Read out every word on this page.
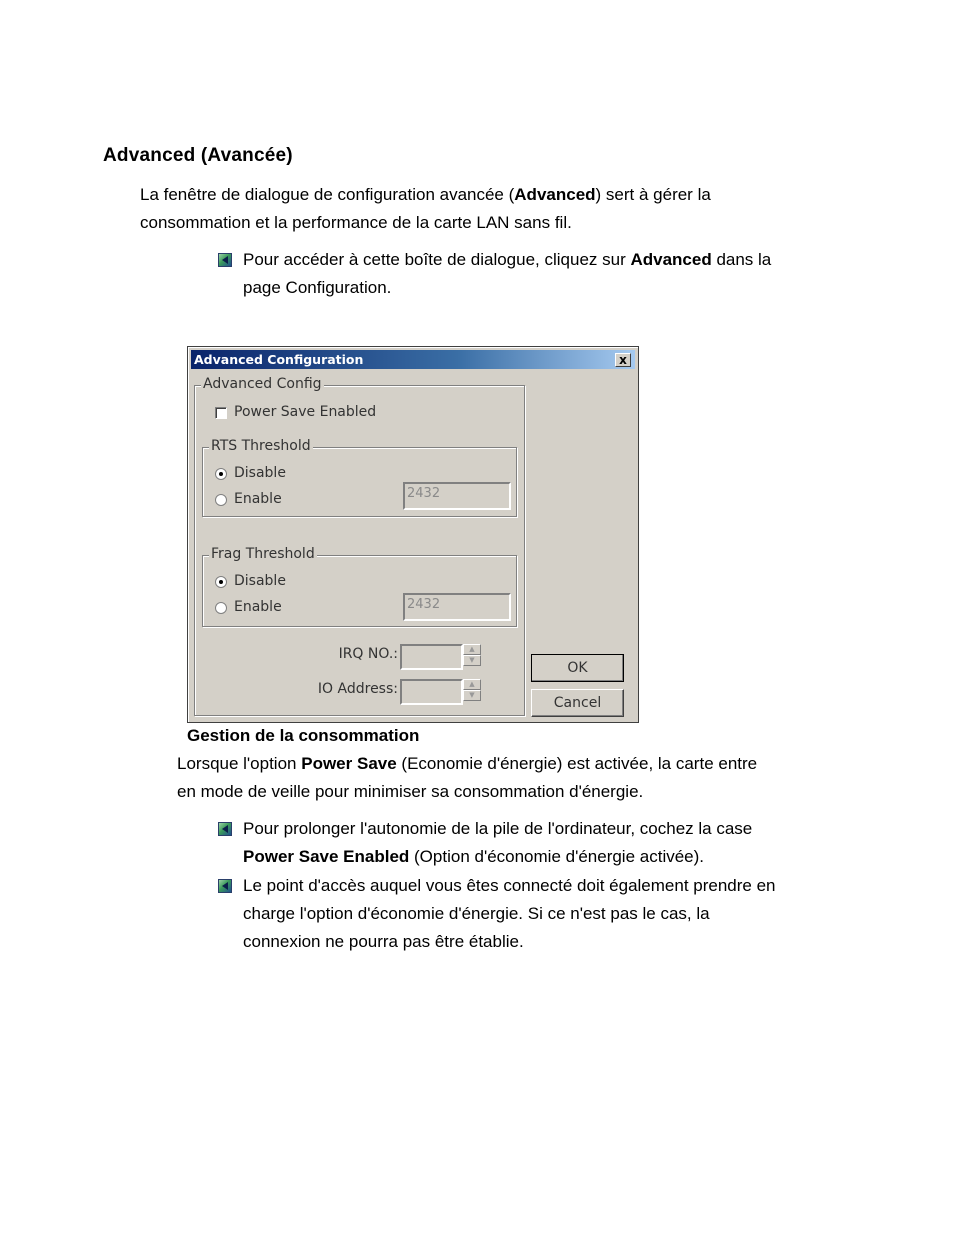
Advanced (Avancée)
La fenêtre de dialogue de configuration avancée (Advanced) sert à gérer la
consommation et la performance de la carte LAN sans fil.
Pour accéder à cette boîte de dialogue, cliquez sur Advanced dans la
page Configuration.
Advanced Configuration	x
Advanced Config
Power Save Enabled
RTS Threshold
Disable
Enable	2432
Frag Threshold
Disable
Enable	2432
IRQ NO.:	▲
▼
IO Address:	▲
▼
OK
Cancel
Gestion de la consommation
Lorsque l'option Power Save (Economie d'énergie) est activée, la carte entre
en mode de veille pour minimiser sa consommation d'énergie.
Pour prolonger l'autonomie de la pile de l'ordinateur, cochez la case
Power Save Enabled (Option d'économie d'énergie activée).
Le point d'accès auquel vous êtes connecté doit également prendre en
charge l'option d'économie d'énergie. Si ce n'est pas le cas, la
connexion ne pourra pas être établie.
